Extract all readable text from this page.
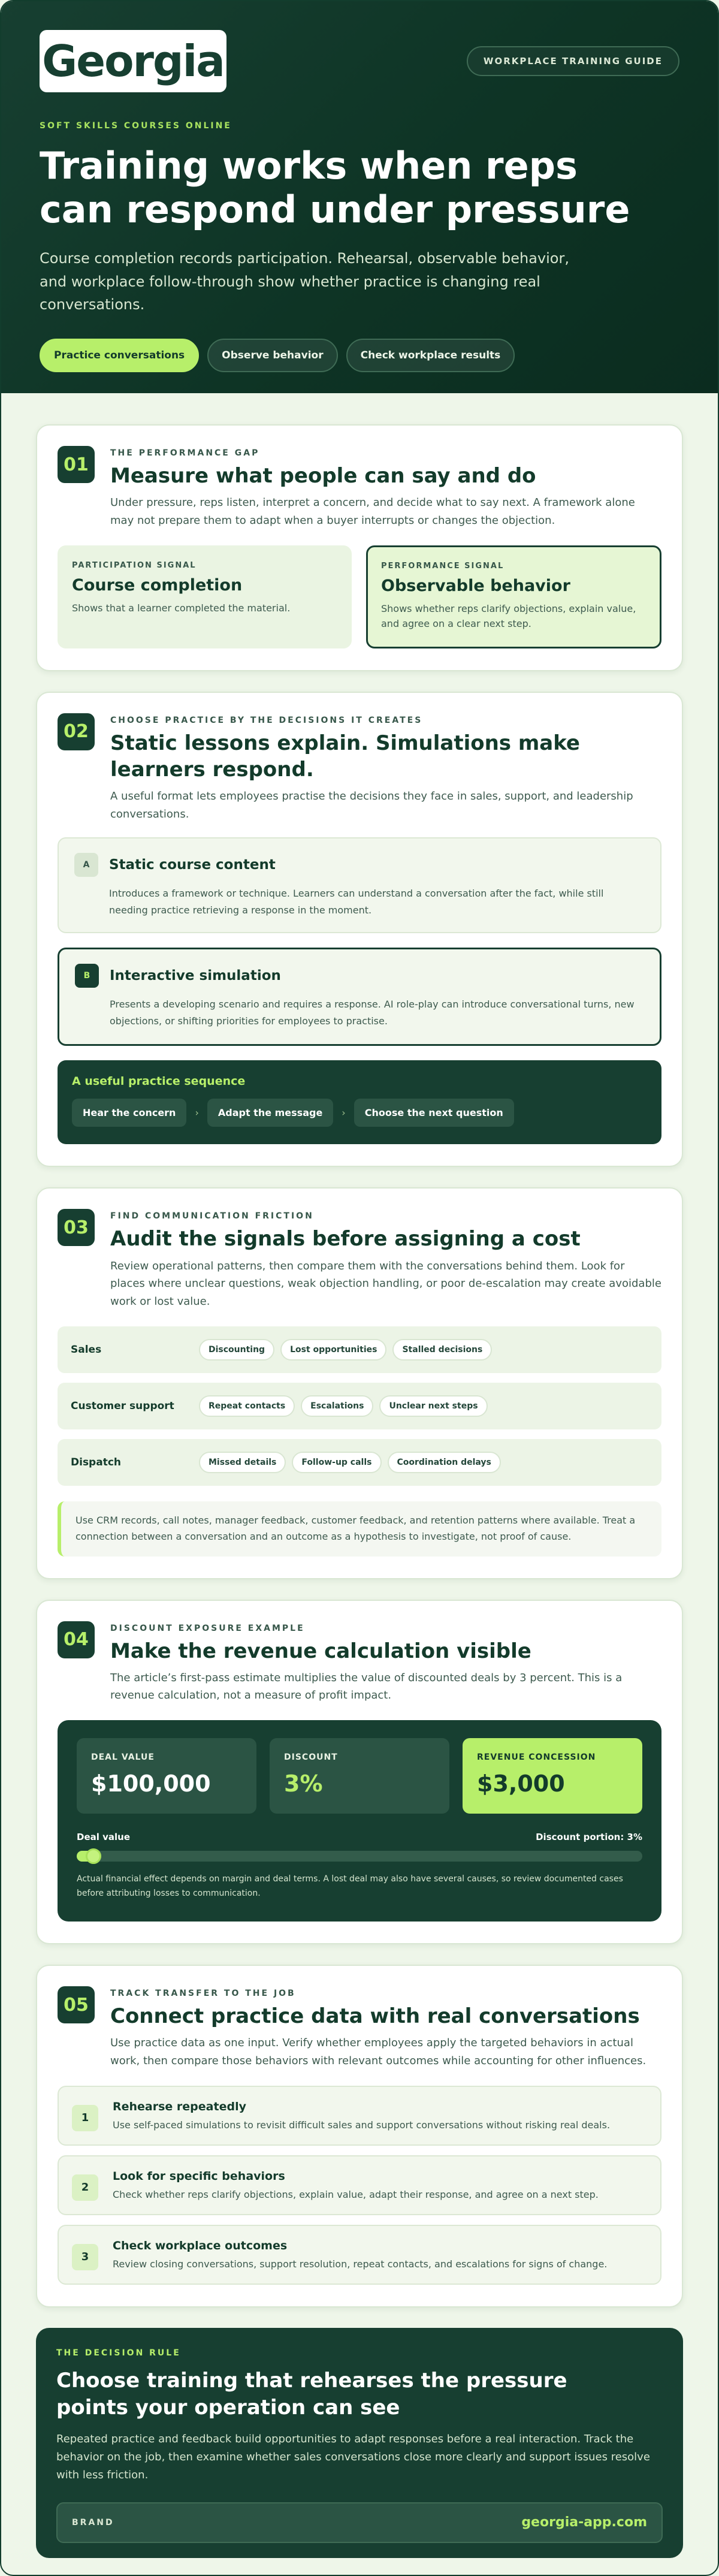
Georgia	WORKPLACE TRAINING GUIDE
SOFT SKILLS COURSES ONLINE
Training works when reps can respond under pressure

Course completion records participation. Rehearsal, observable behavior, and workplace follow-through show whether practice is changing real conversations.

Practice conversations	Observe behavior	Check workplace results
01
THE PERFORMANCE GAP
Measure what people can say and do

Under pressure, reps listen, interpret a concern, and decide what to say next. A framework alone may not prepare them to adapt when a buyer interrupts or changes the objection.

PARTICIPATION SIGNAL
Course completion

Shows that a learner completed the material.

PERFORMANCE SIGNAL
Observable behavior

Shows whether reps clarify objections, explain value, and agree on a clear next step.

02
CHOOSE PRACTICE BY THE DECISIONS IT CREATES
Static lessons explain. Simulations make learners respond.

A useful format lets employees practise the decisions they face in sales, support, and leadership conversations.

A	Static course content

Introduces a framework or technique. Learners can understand a conversation after the fact, while still needing practice retrieving a response in the moment.

B	Interactive simulation

Presents a developing scenario and requires a response. AI role-play can introduce conversational turns, new objections, or shifting priorities for employees to practise.

A useful practice sequence
Hear the concern	›	Adapt the message	›	Choose the next question
03
FIND COMMUNICATION FRICTION
Audit the signals before assigning a cost

Review operational patterns, then compare them with the conversations behind them. Look for places where unclear questions, weak objection handling, or poor de-escalation may create avoidable work or lost value.

Sales	Discounting	Lost opportunities	Stalled decisions
Customer support	Repeat contacts	Escalations	Unclear next steps
Dispatch	Missed details	Follow-up calls	Coordination delays
Use CRM records, call notes, manager feedback, customer feedback, and retention patterns where available. Treat a connection between a conversation and an outcome as a hypothesis to investigate, not proof of cause.
04
DISCOUNT EXPOSURE EXAMPLE
Make the revenue calculation visible

The article’s first-pass estimate multiplies the value of discounted deals by 3 percent. This is a revenue calculation, not a measure of profit impact.

DEAL VALUE
$100,000
DISCOUNT
3%
REVENUE CONCESSION
$3,000
Deal value	Discount portion: 3%

Actual financial effect depends on margin and deal terms. A lost deal may also have several causes, so review documented cases before attributing losses to communication.

05
TRACK TRANSFER TO THE JOB
Connect practice data with real conversations

Use practice data as one input. Verify whether employees apply the targeted behaviors in actual work, then compare those behaviors with relevant outcomes while accounting for other influences.

1
Rehearse repeatedly

Use self-paced simulations to revisit difficult sales and support conversations without risking real deals.

2
Look for specific behaviors

Check whether reps clarify objections, explain value, adapt their response, and agree on a next step.

3
Check workplace outcomes

Review closing conversations, support resolution, repeat contacts, and escalations for signs of change.

THE DECISION RULE
Choose training that rehearses the pressure points your operation can see

Repeated practice and feedback build opportunities to adapt responses before a real interaction. Track the behavior on the job, then examine whether sales conversations close more clearly and support issues resolve with less friction.

BRAND	georgia-app.com
